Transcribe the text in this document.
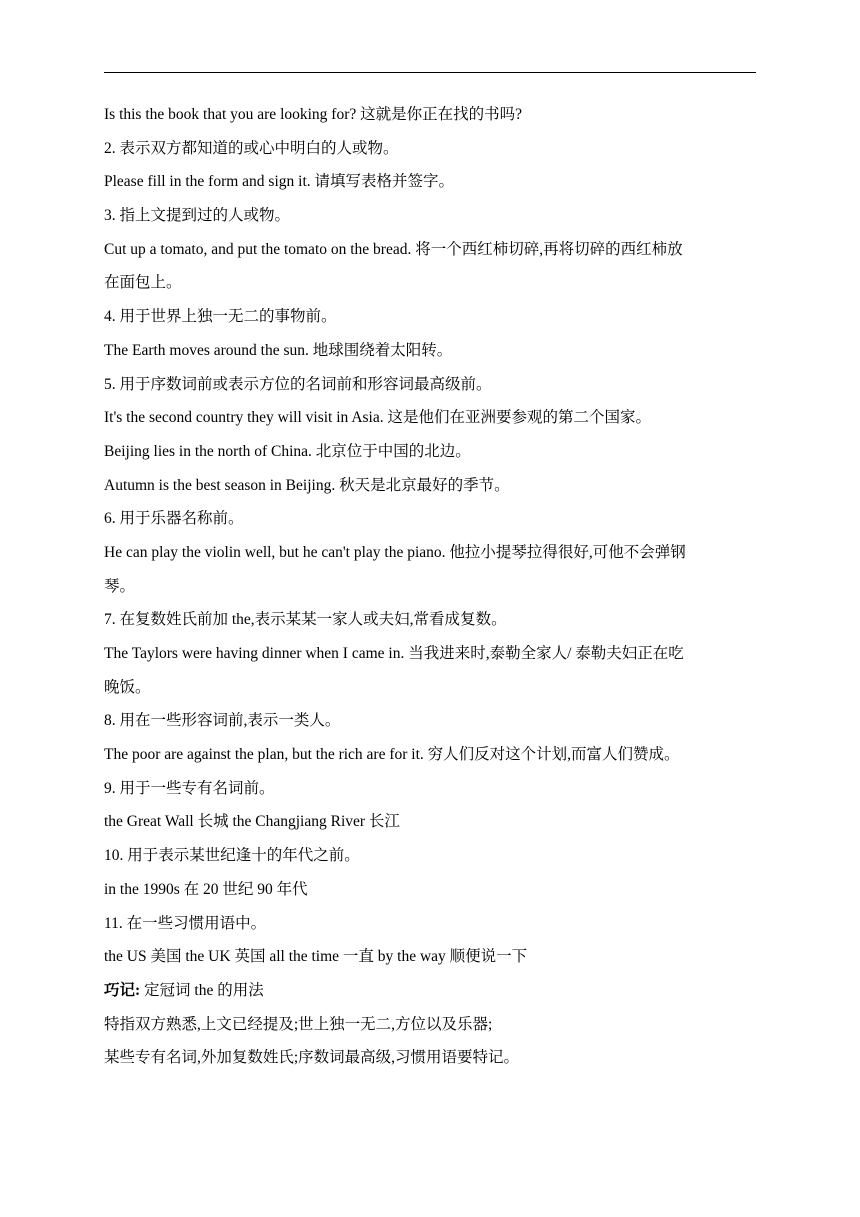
Is this the book that you are looking for? 这就是你正在找的书吗?
2. 表示双方都知道的或心中明白的人或物。
Please fill in the form and sign it. 请填写表格并签字。
3. 指上文提到过的人或物。
Cut up a tomato, and put the tomato on the bread. 将一个西红柿切碎,再将切碎的西红柿放
在面包上。
4. 用于世界上独一无二的事物前。
The Earth moves around the sun. 地球围绕着太阳转。
5. 用于序数词前或表示方位的名词前和形容词最高级前。
It's the second country they will visit in Asia. 这是他们在亚洲要参观的第二个国家。
Beijing lies in the north of China. 北京位于中国的北边。
Autumn is the best season in Beijing. 秋天是北京最好的季节。
6. 用于乐器名称前。
He can play the violin well, but he can't play the piano. 他拉小提琴拉得很好,可他不会弹钢
琴。
7. 在复数姓氏前加 the,表示某某一家人或夫妇,常看成复数。
The Taylors were having dinner when I came in. 当我进来时,泰勒全家人/ 泰勒夫妇正在吃
晚饭。
8. 用在一些形容词前,表示一类人。
The poor are against the plan, but the rich are for it. 穷人们反对这个计划,而富人们赞成。
9. 用于一些专有名词前。
the Great Wall 长城 the Changjiang River 长江
10. 用于表示某世纪逢十的年代之前。
in the 1990s 在 20 世纪 90 年代
11. 在一些习惯用语中。
the US 美国 the UK 英国 all the time 一直 by the way 顺便说一下
巧记: 定冠词 the 的用法
特指双方熟悉,上文已经提及;世上独一无二,方位以及乐器;
某些专有名词,外加复数姓氏;序数词最高级,习惯用语要特记。
